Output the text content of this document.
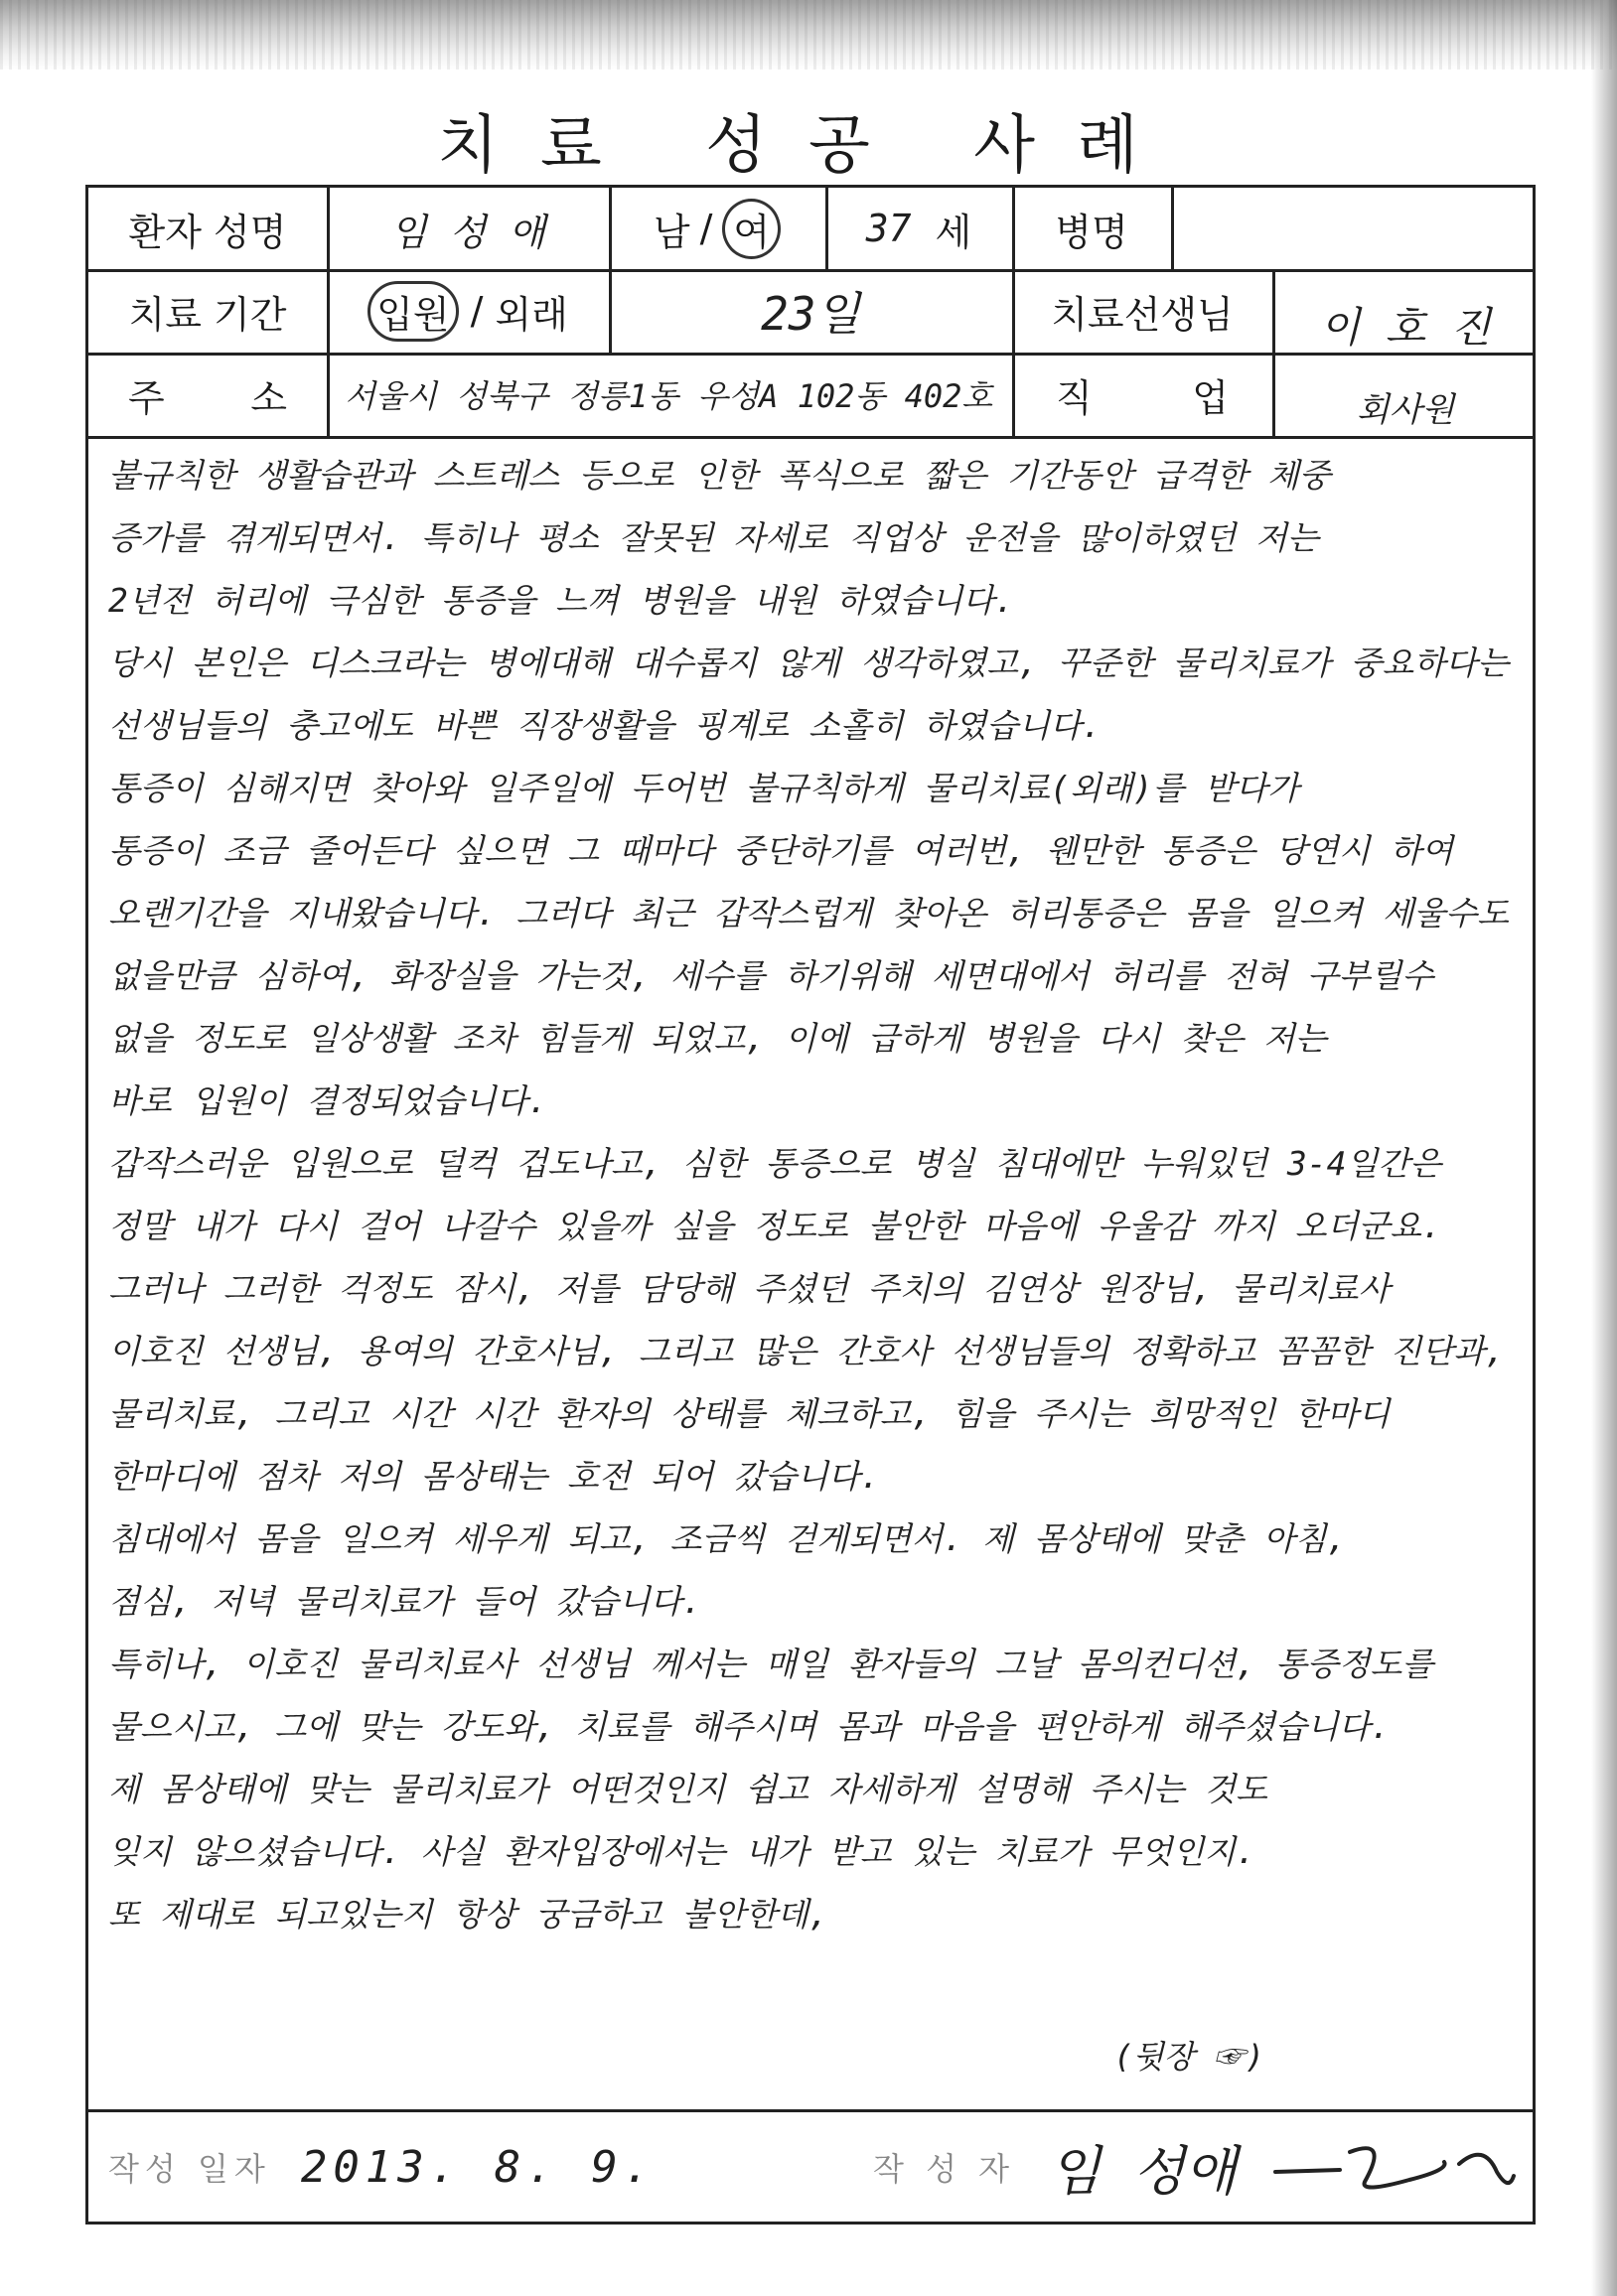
치료 성공 사례
환자 성명	임 성 애	남 / 여	37 세	병명
치료 기간	입원 / 외래	23일	치료선생님	이 호 진
주 소	서울시 성북구 정릉1동 우성A 102동 402호	직	업	회사원
불규칙한 생활습관과 스트레스 등으로 인한 폭식으로 짧은 기간동안 급격한 체중
증가를 겪게되면서. 특히나 평소 잘못된 자세로 직업상 운전을 많이하였던 저는
2년전 허리에 극심한 통증을 느껴 병원을 내원 하였습니다.
당시 본인은 디스크라는 병에대해 대수롭지 않게 생각하였고, 꾸준한 물리치료가 중요하다는
선생님들의 충고에도 바쁜 직장생활을 핑계로 소홀히 하였습니다.
통증이 심해지면 찾아와 일주일에 두어번 불규칙하게 물리치료(외래)를 받다가
통증이 조금 줄어든다 싶으면 그 때마다 중단하기를 여러번, 웬만한 통증은 당연시 하여
오랜기간을 지내왔습니다. 그러다 최근 갑작스럽게 찾아온 허리통증은 몸을 일으켜 세울수도
없을만큼 심하여, 화장실을 가는것, 세수를 하기위해 세면대에서 허리를 전혀 구부릴수
없을 정도로 일상생활 조차 힘들게 되었고, 이에 급하게 병원을 다시 찾은 저는
바로 입원이 결정되었습니다.
갑작스러운 입원으로 덜컥 겁도나고, 심한 통증으로 병실 침대에만 누워있던 3-4일간은
정말 내가 다시 걸어 나갈수 있을까 싶을 정도로 불안한 마음에 우울감 까지 오더군요.
그러나 그러한 걱정도 잠시, 저를 담당해 주셨던 주치의 김연상 원장님, 물리치료사
이호진 선생님, 용여의 간호사님, 그리고 많은 간호사 선생님들의 정확하고 꼼꼼한 진단과,
물리치료, 그리고 시간 시간 환자의 상태를 체크하고, 힘을 주시는 희망적인 한마디
한마디에 점차 저의 몸상태는 호전 되어 갔습니다.
침대에서 몸을 일으켜 세우게 되고, 조금씩 걷게되면서. 제 몸상태에 맞춘 아침,
점심, 저녁 물리치료가 들어 갔습니다.
특히나, 이호진 물리치료사 선생님 께서는 매일 환자들의 그날 몸의컨디션, 통증정도를
물으시고, 그에 맞는 강도와, 치료를 해주시며 몸과 마음을 편안하게 해주셨습니다.
제 몸상태에 맞는 물리치료가 어떤것인지 쉽고 자세하게 설명해 주시는 것도
잊지 않으셨습니다. 사실 환자입장에서는 내가 받고 있는 치료가 무엇인지.
또 제대로 되고있는지 항상 궁금하고 불안한데,
(뒷장 ☞)
작성 일자 2013. 8. 9.	작 성 자 임 성애
